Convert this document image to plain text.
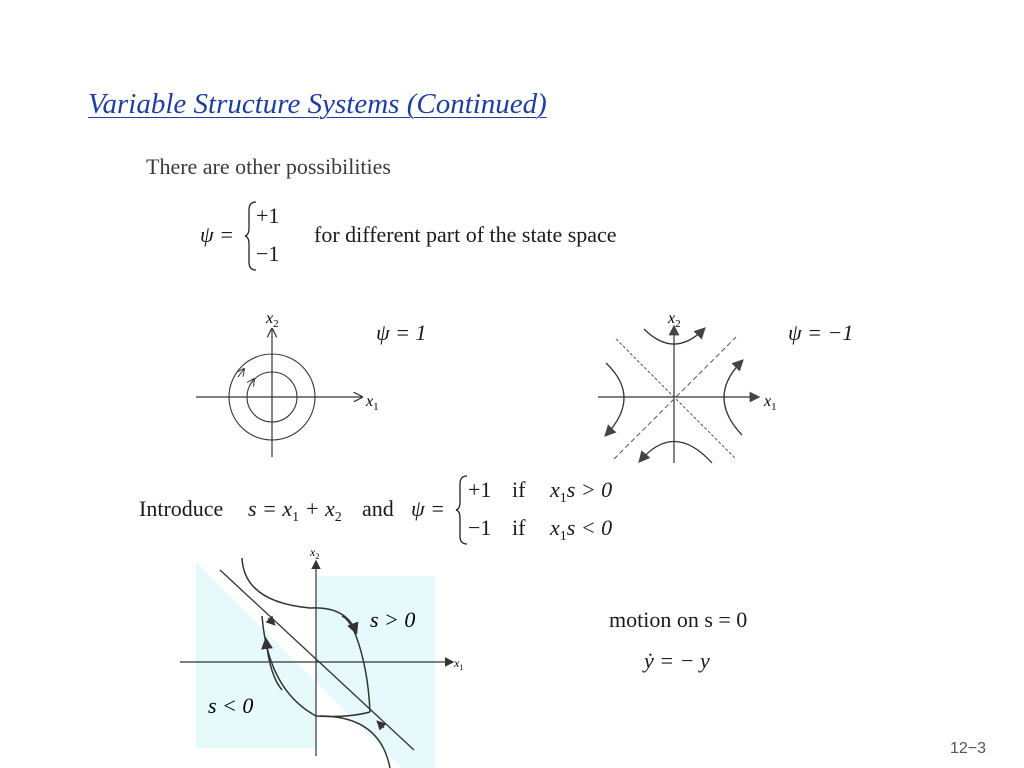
Variable Structure Systems (Continued)
There are other possibilities
ψ =
+1
−1
for different part of the state space
$x_1$
$x_2$	ψ = 1
$x_1$
$x_2$	ψ = −1
Introduce $s = x_1 + x_2$ and ψ =
+1 if $x_1s > 0$
−1 if $x_1s < 0$
$x_2$
$x_1$
s > 0
s < 0
motion on s = 0
ẏ = − y
12−3
